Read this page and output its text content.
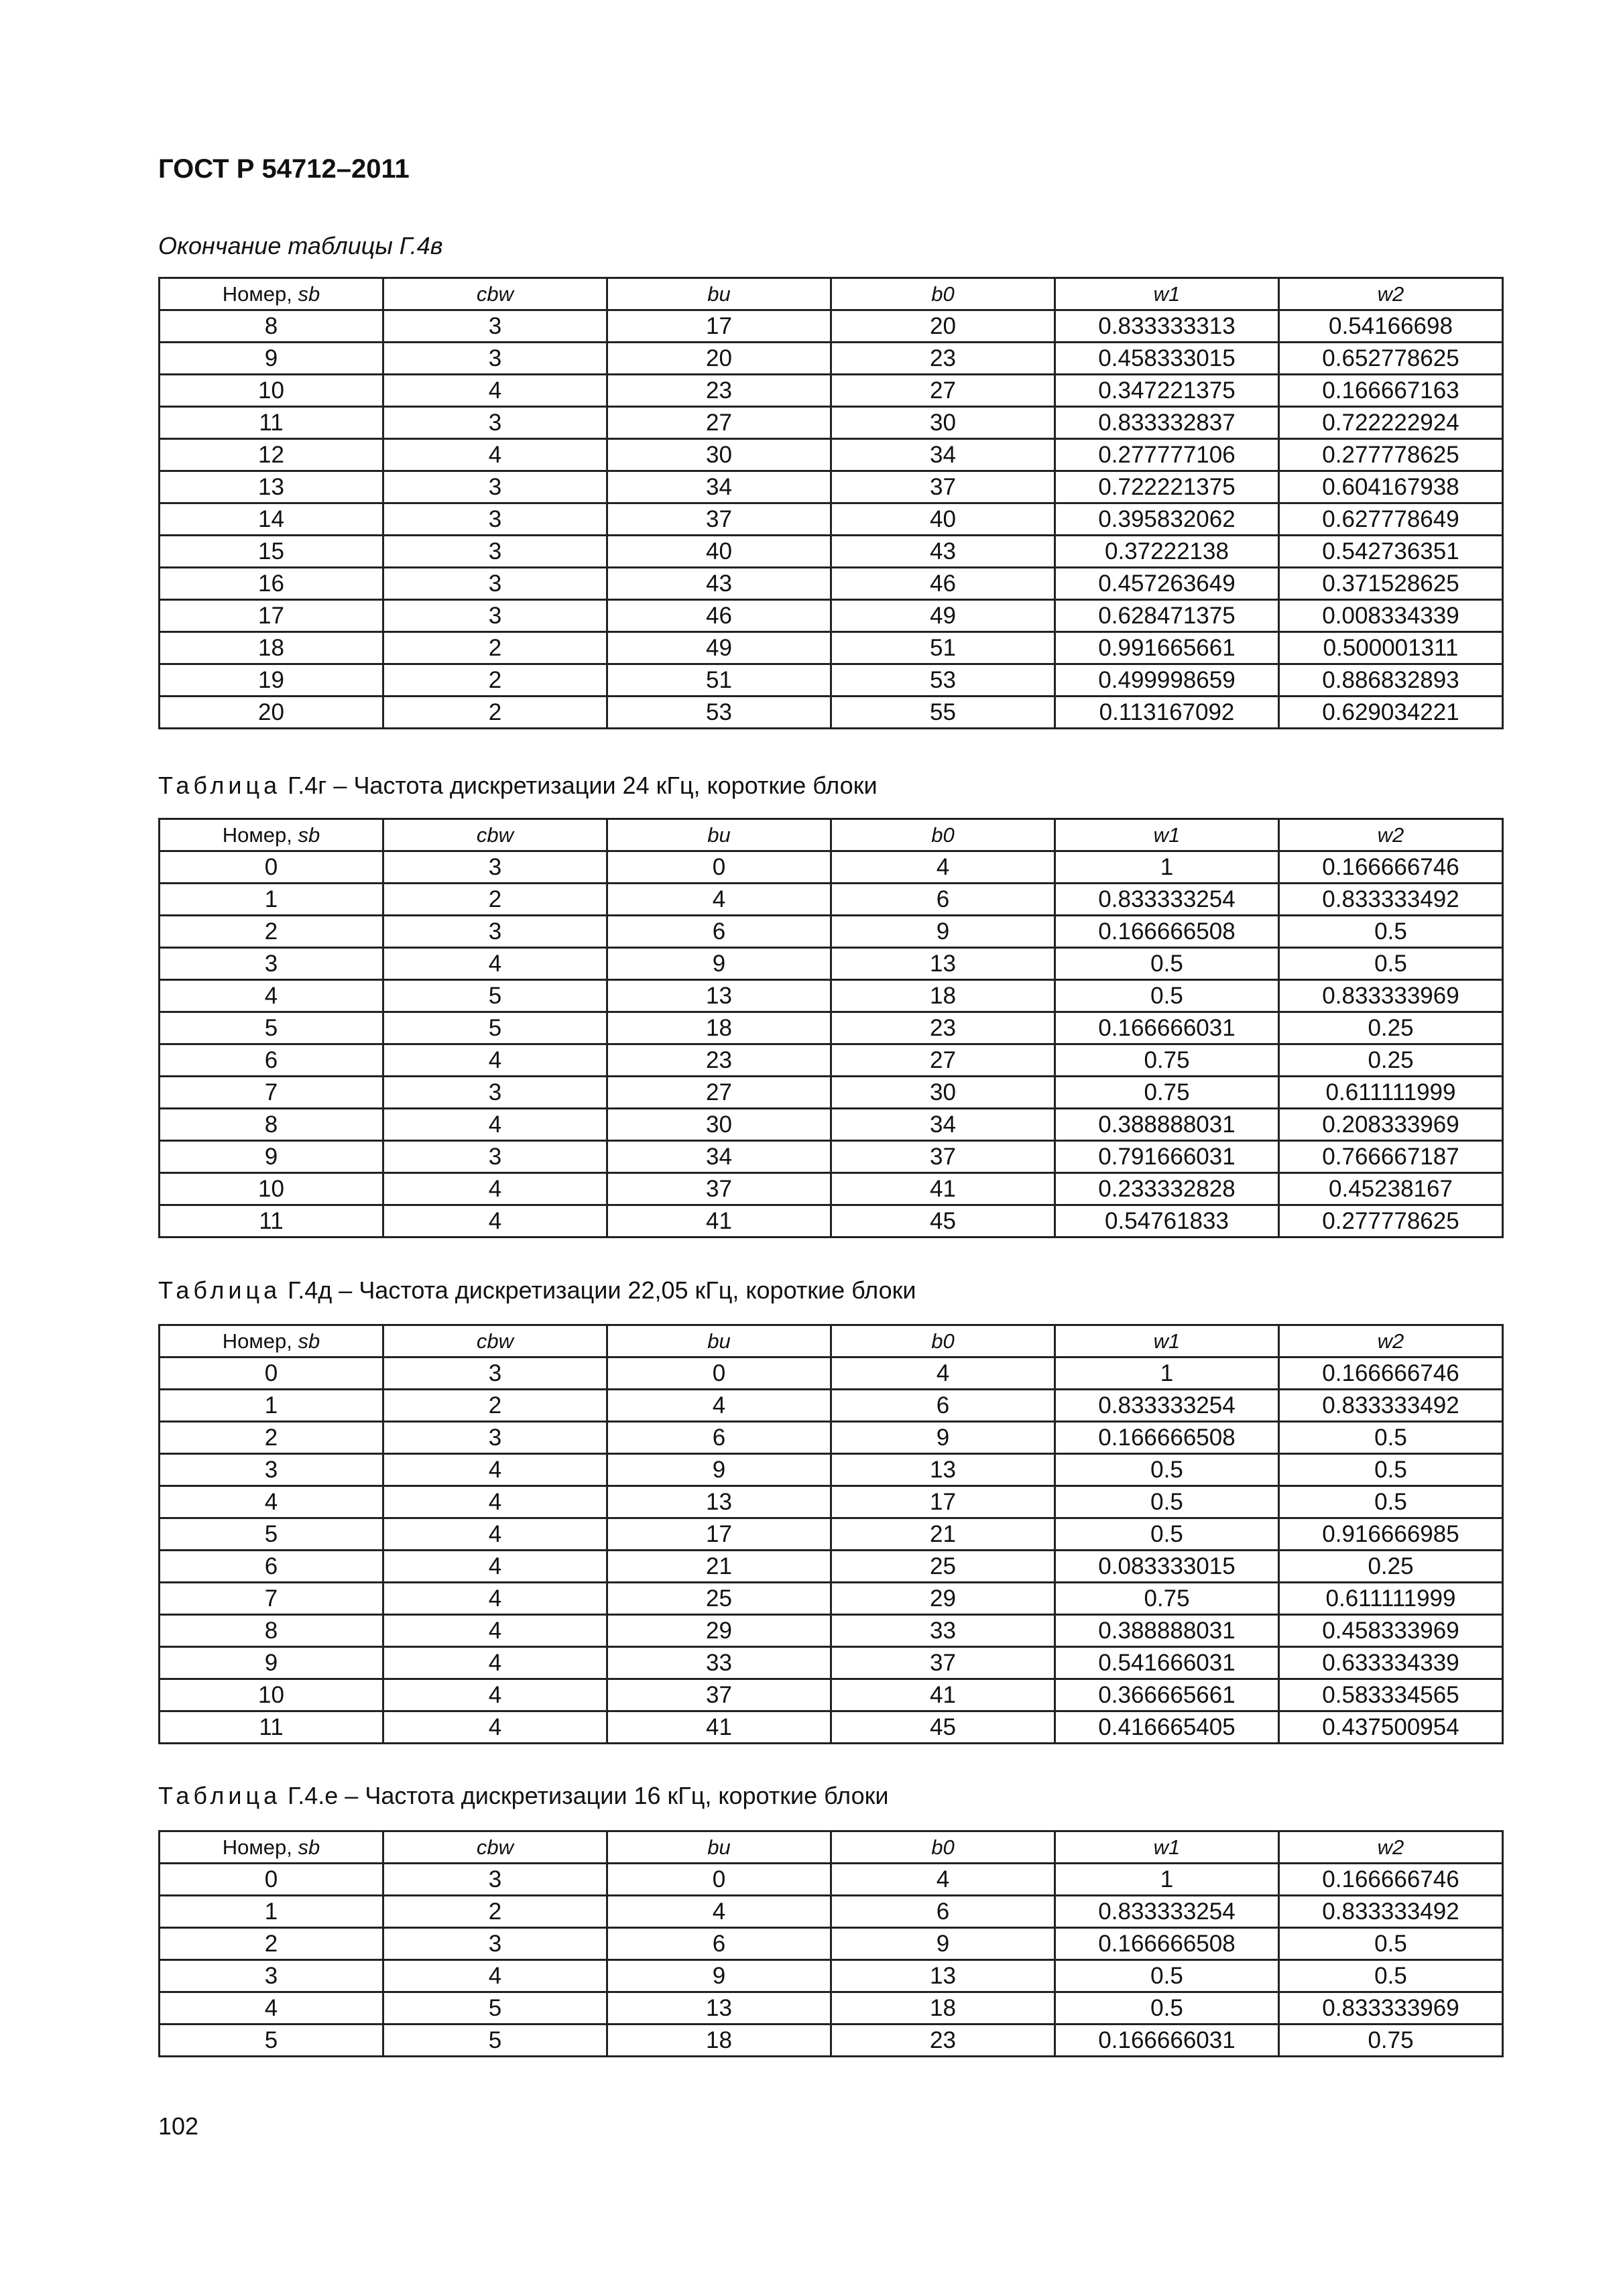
ГОСТ Р 54712–2011
Окончание таблицы Г.4в
Номер, sb	cbw	bu	b0	w1	w2
8	3	17	20	0.833333313	0.54166698
9	3	20	23	0.458333015	0.652778625
10	4	23	27	0.347221375	0.166667163
11	3	27	30	0.833332837	0.722222924
12	4	30	34	0.277777106	0.277778625
13	3	34	37	0.722221375	0.604167938
14	3	37	40	0.395832062	0.627778649
15	3	40	43	0.37222138	0.542736351
16	3	43	46	0.457263649	0.371528625
17	3	46	49	0.628471375	0.008334339
18	2	49	51	0.991665661	0.500001311
19	2	51	53	0.499998659	0.886832893
20	2	53	55	0.113167092	0.629034221
Таблица Г.4г – Частота дискретизации 24 кГц, короткие блоки
Номер, sb	cbw	bu	b0	w1	w2
0	3	0	4	1	0.166666746
1	2	4	6	0.833333254	0.833333492
2	3	6	9	0.166666508	0.5
3	4	9	13	0.5	0.5
4	5	13	18	0.5	0.833333969
5	5	18	23	0.166666031	0.25
6	4	23	27	0.75	0.25
7	3	27	30	0.75	0.611111999
8	4	30	34	0.388888031	0.208333969
9	3	34	37	0.791666031	0.766667187
10	4	37	41	0.233332828	0.45238167
11	4	41	45	0.54761833	0.277778625
Таблица Г.4д – Частота дискретизации 22,05 кГц, короткие блоки
Номер, sb	cbw	bu	b0	w1	w2
0	3	0	4	1	0.166666746
1	2	4	6	0.833333254	0.833333492
2	3	6	9	0.166666508	0.5
3	4	9	13	0.5	0.5
4	4	13	17	0.5	0.5
5	4	17	21	0.5	0.916666985
6	4	21	25	0.083333015	0.25
7	4	25	29	0.75	0.611111999
8	4	29	33	0.388888031	0.458333969
9	4	33	37	0.541666031	0.633334339
10	4	37	41	0.366665661	0.583334565
11	4	41	45	0.416665405	0.437500954
Таблица Г.4.е – Частота дискретизации 16 кГц, короткие блоки
Номер, sb	cbw	bu	b0	w1	w2
0	3	0	4	1	0.166666746
1	2	4	6	0.833333254	0.833333492
2	3	6	9	0.166666508	0.5
3	4	9	13	0.5	0.5
4	5	13	18	0.5	0.833333969
5	5	18	23	0.166666031	0.75
102
